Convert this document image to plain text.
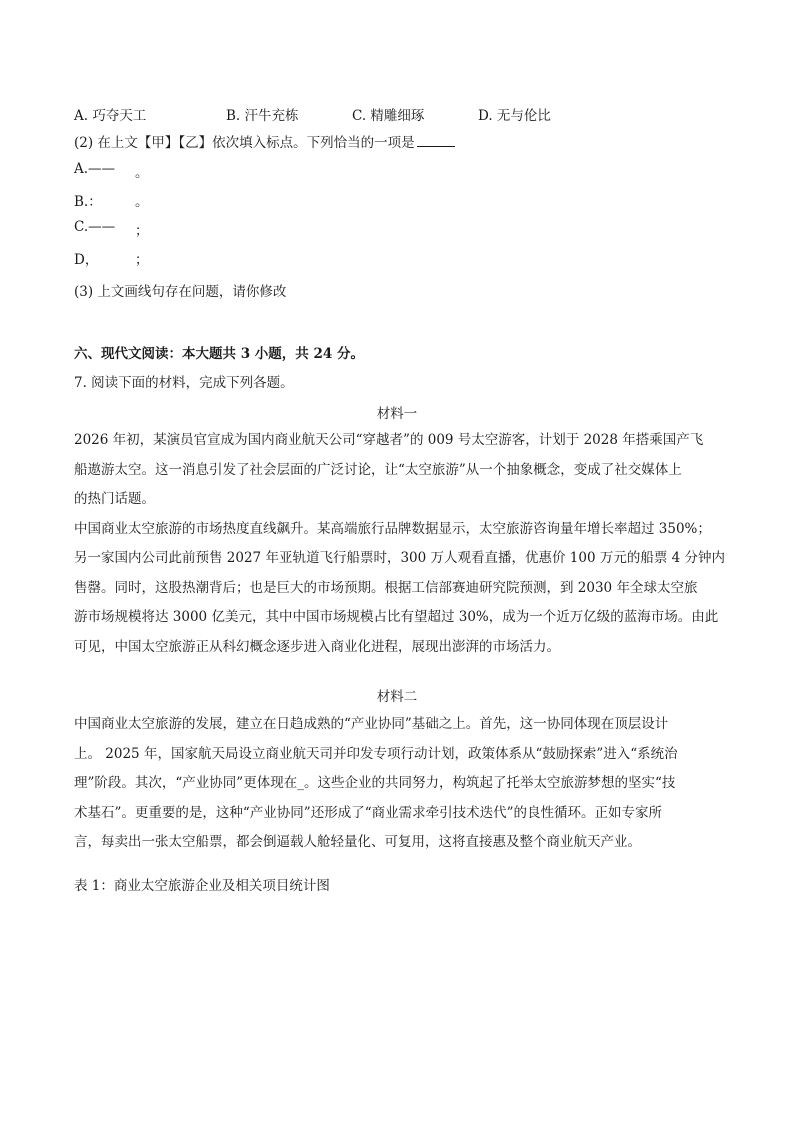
A. 巧夺天工	B. 汗牛充栋	C. 精雕细琢	D. 无与伦比
(2) 在上文【甲】【乙】依次填入标点。下列恰当的一项是
A.—— 。
B.： 。
C.—— ；
D，	；
(3) 上文画线句存在问题，请你修改
六、现代文阅读：本大题共 3 小题，共 24 分。
7. 阅读下面的材料，完成下列各题。
材料一
2026 年初，某演员官宣成为国内商业航天公司“穿越者”的 009 号太空游客，计划于 2028 年搭乘国产飞
船遨游太空。这一消息引发了社会层面的广泛讨论，让“太空旅游”从一个抽象概念，变成了社交媒体上
的热门话题。
中国商业太空旅游的市场热度直线飙升。某高端旅行品牌数据显示，太空旅游咨询量年增长率超过 350%；
另一家国内公司此前预售 2027 年亚轨道飞行船票时，300 万人观看直播，优惠价 100 万元的船票 4 分钟内
售罄。同时，这股热潮背后；也是巨大的市场预期。根据工信部赛迪研究院预测，到 2030 年全球太空旅
游市场规模将达 3000 亿美元，其中中国市场规模占比有望超过 30%，成为一个近万亿级的蓝海市场。由此
可见，中国太空旅游正从科幻概念逐步进入商业化进程，展现出澎湃的市场活力。
材料二
中国商业太空旅游的发展，建立在日趋成熟的“产业协同”基础之上。首先，这一协同体现在顶层设计
上。 2025 年，国家航天局设立商业航天司并印发专项行动计划，政策体系从“鼓励探索”进入“系统治
理”阶段。其次，“产业协同”更体现在_。这些企业的共同努力，构筑起了托举太空旅游梦想的坚实“技
术基石”。更重要的是，这种“产业协同”还形成了“商业需求牵引技术迭代”的良性循环。正如专家所
言，每卖出一张太空船票，都会倒逼载人舱轻量化、可复用，这将直接惠及整个商业航天产业。
表 1：商业太空旅游企业及相关项目统计图
